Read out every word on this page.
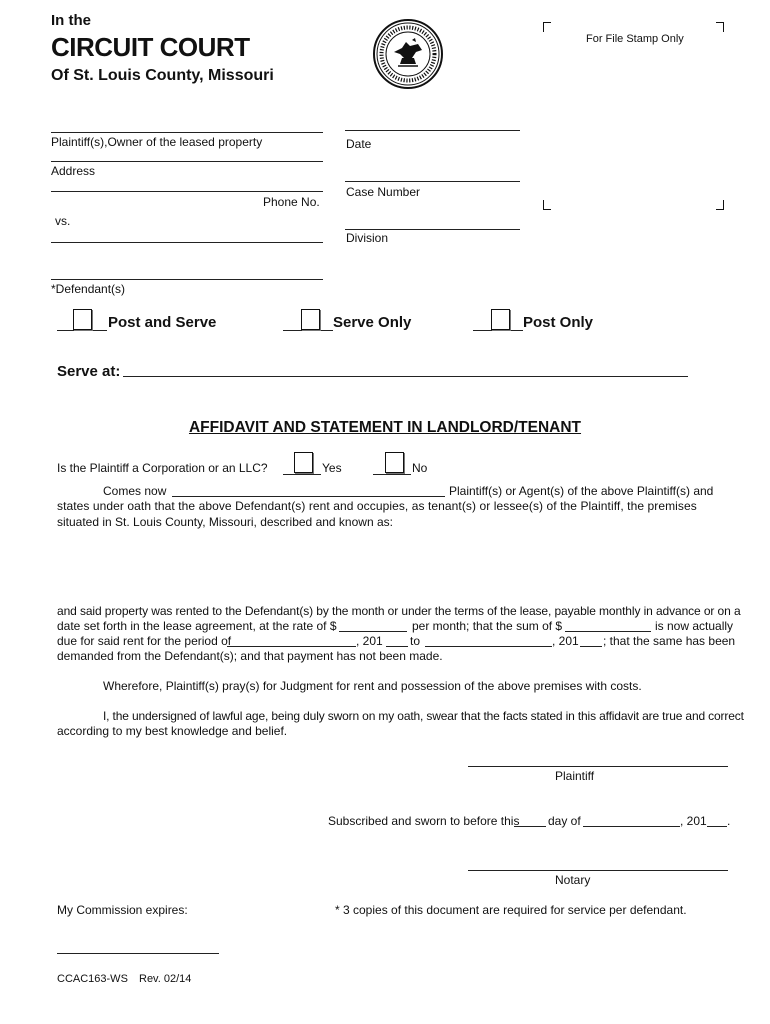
In the
CIRCUIT COURT
Of St. Louis County, Missouri
For File Stamp Only
Plaintiff(s),Owner of the leased property
Address
Phone No.
vs.
*Defendant(s)
Date
Case Number
Division
Post and Serve	Serve Only	Post Only
Serve at:
AFFIDAVIT AND STATEMENT IN LANDLORD/TENANT
Is the Plaintiff a Corporation or an LLC?	Yes	No
Comes now	Plaintiff(s) or Agent(s) of the above Plaintiff(s) and
states under oath that the above Defendant(s) rent and occupies, as tenant(s) or lessee(s) of the Plaintiff, the premises
situated in St. Louis County, Missouri, described and known as:
and said property was rented to the Defendant(s) by the month or under the terms of the lease, payable monthly in advance or on a
date set forth in the lease agreement, at the rate of $	per month; that the sum of $	is now actually
due for said rent for the period of	, 201 to	, 201 ; that the same has been
demanded from the Defendant(s); and that payment has not been made.
Wherefore, Plaintiff(s) pray(s) for Judgment for rent and possession of the above premises with costs.
I, the undersigned of lawful age, being duly sworn on my oath, swear that the facts stated in this affidavit are true and correct
according to my best knowledge and belief.
Plaintiff
Subscribed and sworn to before this day of	, 201 .
Notary
My Commission expires:	* 3 copies of this document are required for service per defendant.
CCAC163-WS Rev. 02/14
